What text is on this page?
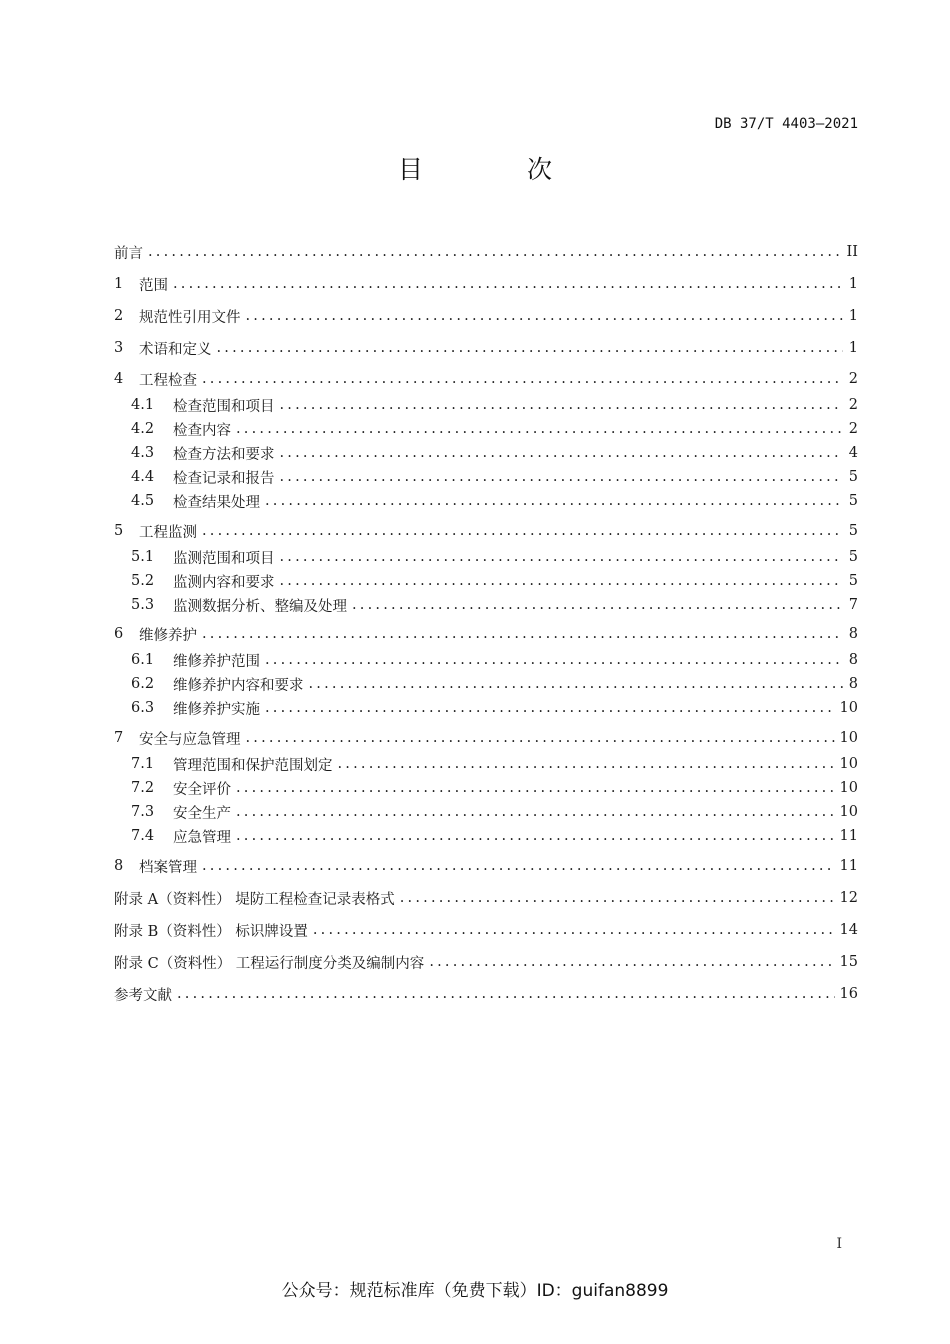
DB 37/T 4403—2021
目 次
前言 .....	II
1	范围 .....	1
2	规范性引用文件 .....	1
3	术语和定义 .....	1
4	工程检查 .....	2
4.1	检查范围和项目 .....	2
4.2	检查内容 .....	2
4.3	检查方法和要求 .....	4
4.4	检查记录和报告 .....	5
4.5	检查结果处理 .....	5
5	工程监测 .....	5
5.1	监测范围和项目 .....	5
5.2	监测内容和要求 .....	5
5.3	监测数据分析、整编及处理 .....	7
6	维修养护 .....	8
6.1	维修养护范围 .....	8
6.2	维修养护内容和要求 .....	8
6.3	维修养护实施 .....	10
7	安全与应急管理 .....	10
7.1	管理范围和保护范围划定 .....	10
7.2	安全评价 .....	10
7.3	安全生产 .....	10
7.4	应急管理 .....	11
8	档案管理 .....	11
附录 A（资料性） 堤防工程检查记录表格式 .....	12
附录 B（资料性） 标识牌设置 .....	14
附录 C（资料性） 工程运行制度分类及编制内容 .....	15
参考文献 .....	16
I
公众号：规范标准库（免费下载）ID：guifan8899
